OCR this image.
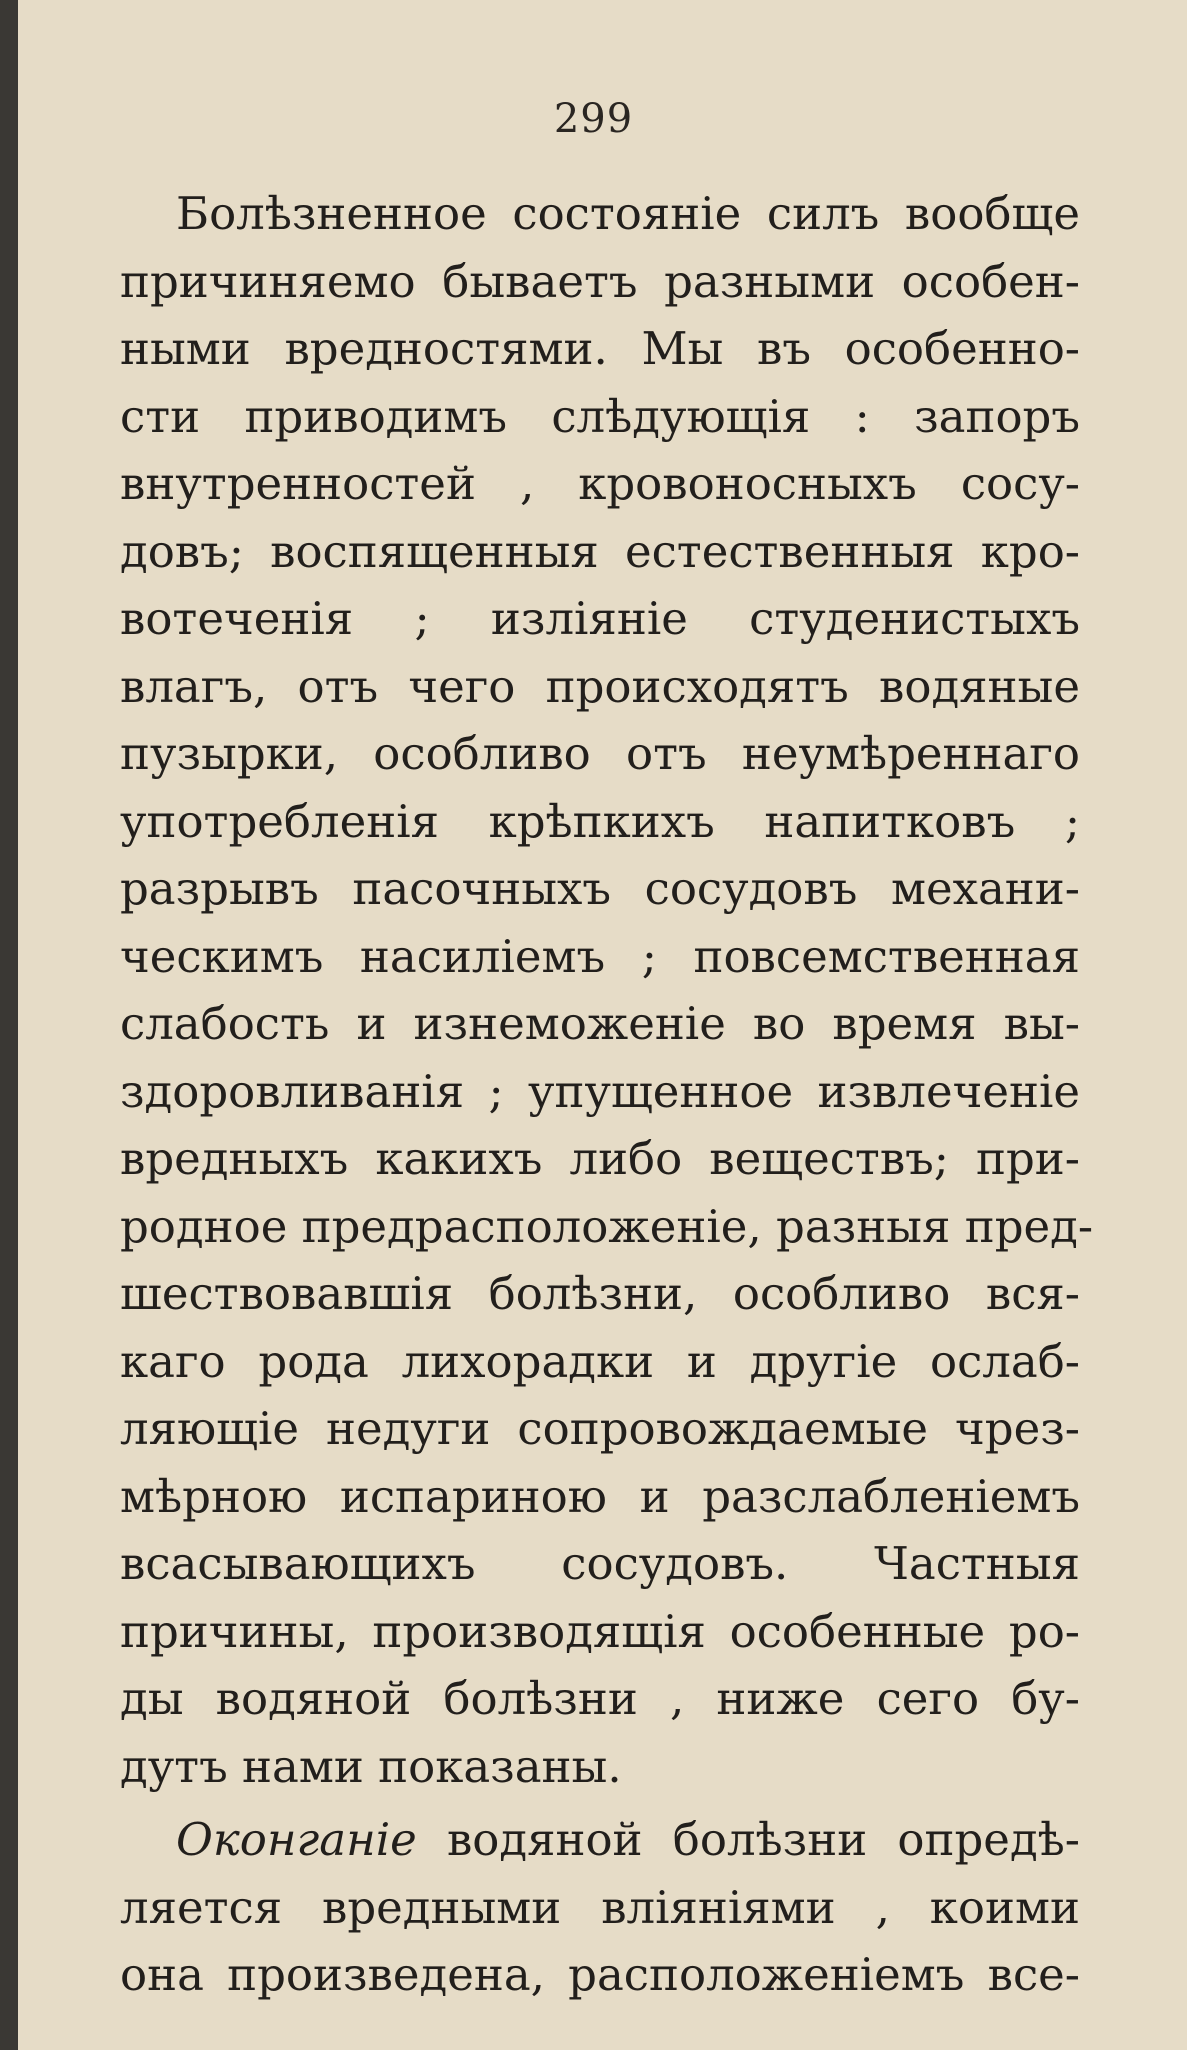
299
Болѣзненное состояніе силъ вообще
причиняемо бываетъ разными особен-
ными вредностями. Мы въ особенно-
сти приводимъ слѣдующія : запоръ
внутренностей , кровоносныхъ сосу-
довъ; воспященныя естественныя кро-
вотеченія ; изліяніе студенистыхъ
влагъ, отъ чего происходятъ водяные
пузырки, особливо отъ неумѣреннаго
употребленія крѣпкихъ напитковъ ;
разрывъ пасочныхъ сосудовъ механи-
ческимъ насиліемъ ; повсемственная
слабость и изнеможеніе во время вы-
здоровливанія ; упущенное извлеченіе
вредныхъ какихъ либо веществъ; при-
родное предрасположеніе, разныя пред-
шествовавшія болѣзни, особливо вся-
каго рода лихорадки и другіе ослаб-
ляющіе недуги сопровождаемые чрез-
мѣрною испариною и разслабленіемъ
всасывающихъ сосудовъ. Частныя
причины, производящія особенные ро-
ды водяной болѣзни , ниже сего бу-
дутъ нами показаны.
Оконганіе водяной болѣзни опредѣ-
ляется вредными вліяніями , коими
она произведена, расположеніемъ все-
